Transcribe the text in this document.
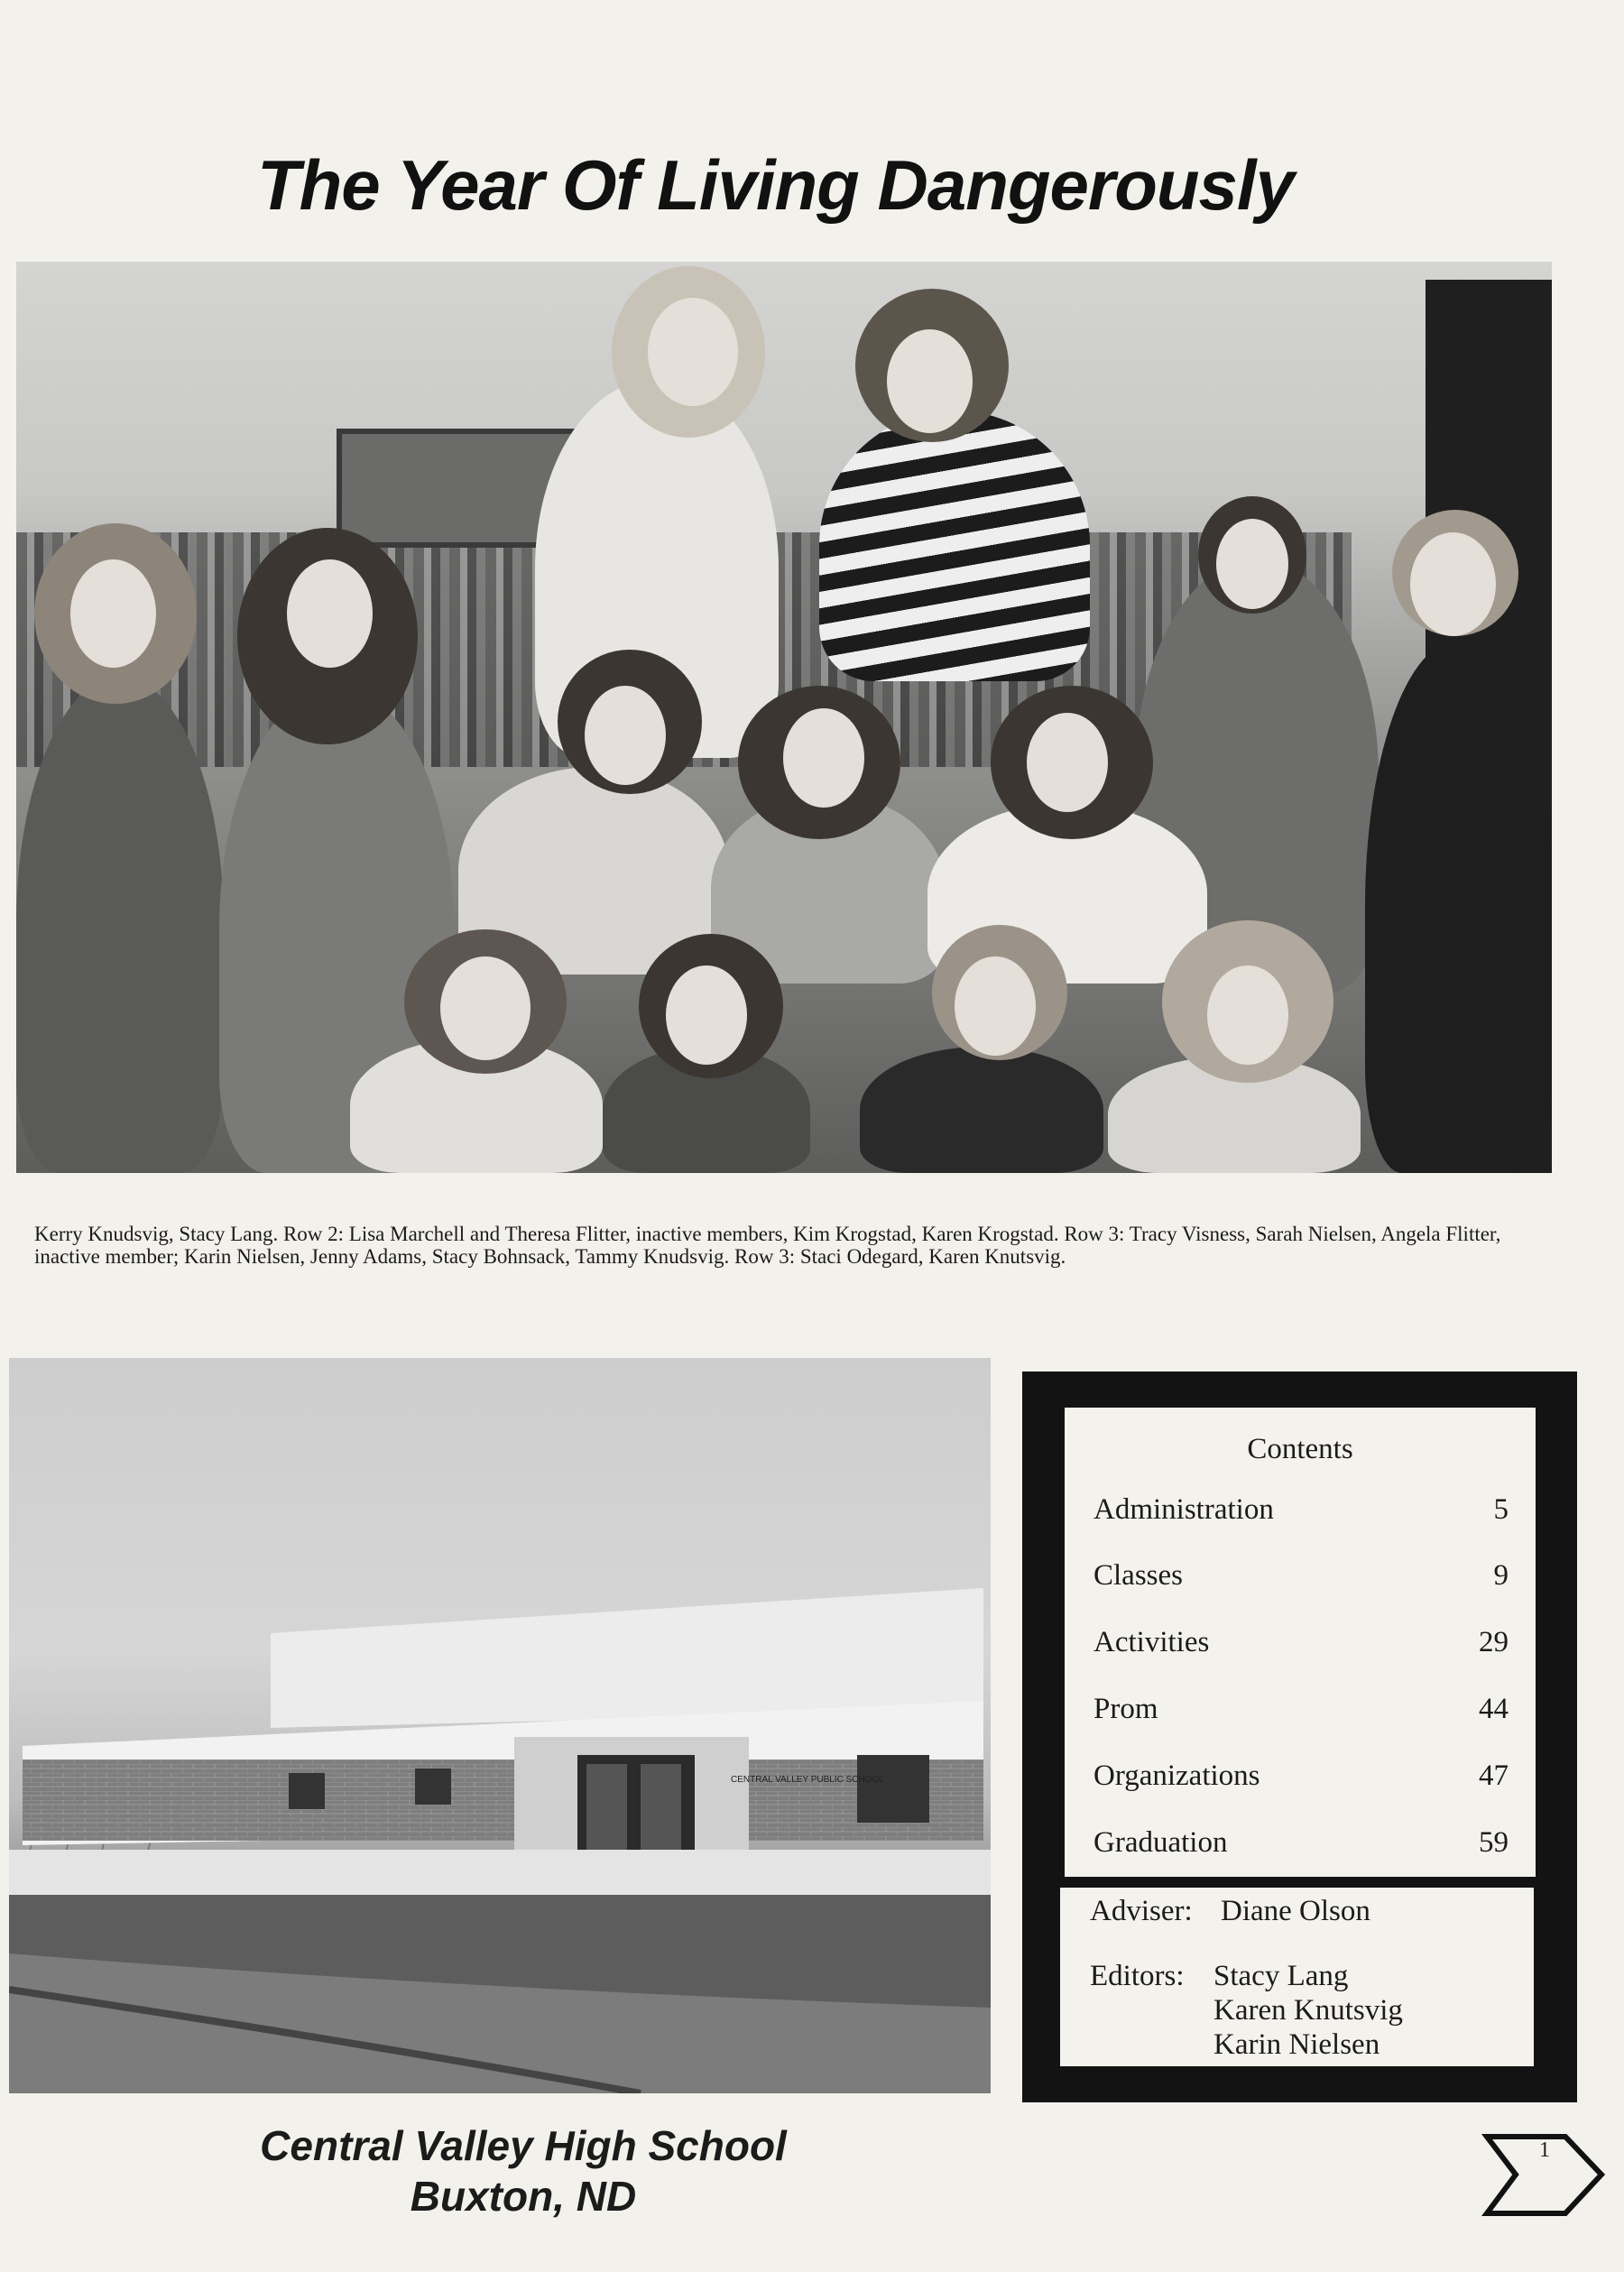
The Year Of Living Dangerously
Kerry Knudsvig, Stacy Lang. Row 2: Lisa Marchell and Theresa Flitter, inactive members, Kim Krogstad, Karen Krogstad. Row 3: Tracy Visness, Sarah Nielsen, Angela Flitter, inactive member; Karin Nielsen, Jenny Adams, Stacy Bohnsack, Tammy Knudsvig. Row 3: Staci Odegard, Karen Knutsvig.
CENTRAL VALLEY PUBLIC SCHOOL
Contents
Administration	5
Classes	9
Activities	29
Prom	44
Organizations	47
Graduation	59
Adviser: Diane Olson
Editors: Stacy Lang
Karen Knutsvig
Karin Nielsen
Central Valley High School
Buxton, ND
1
